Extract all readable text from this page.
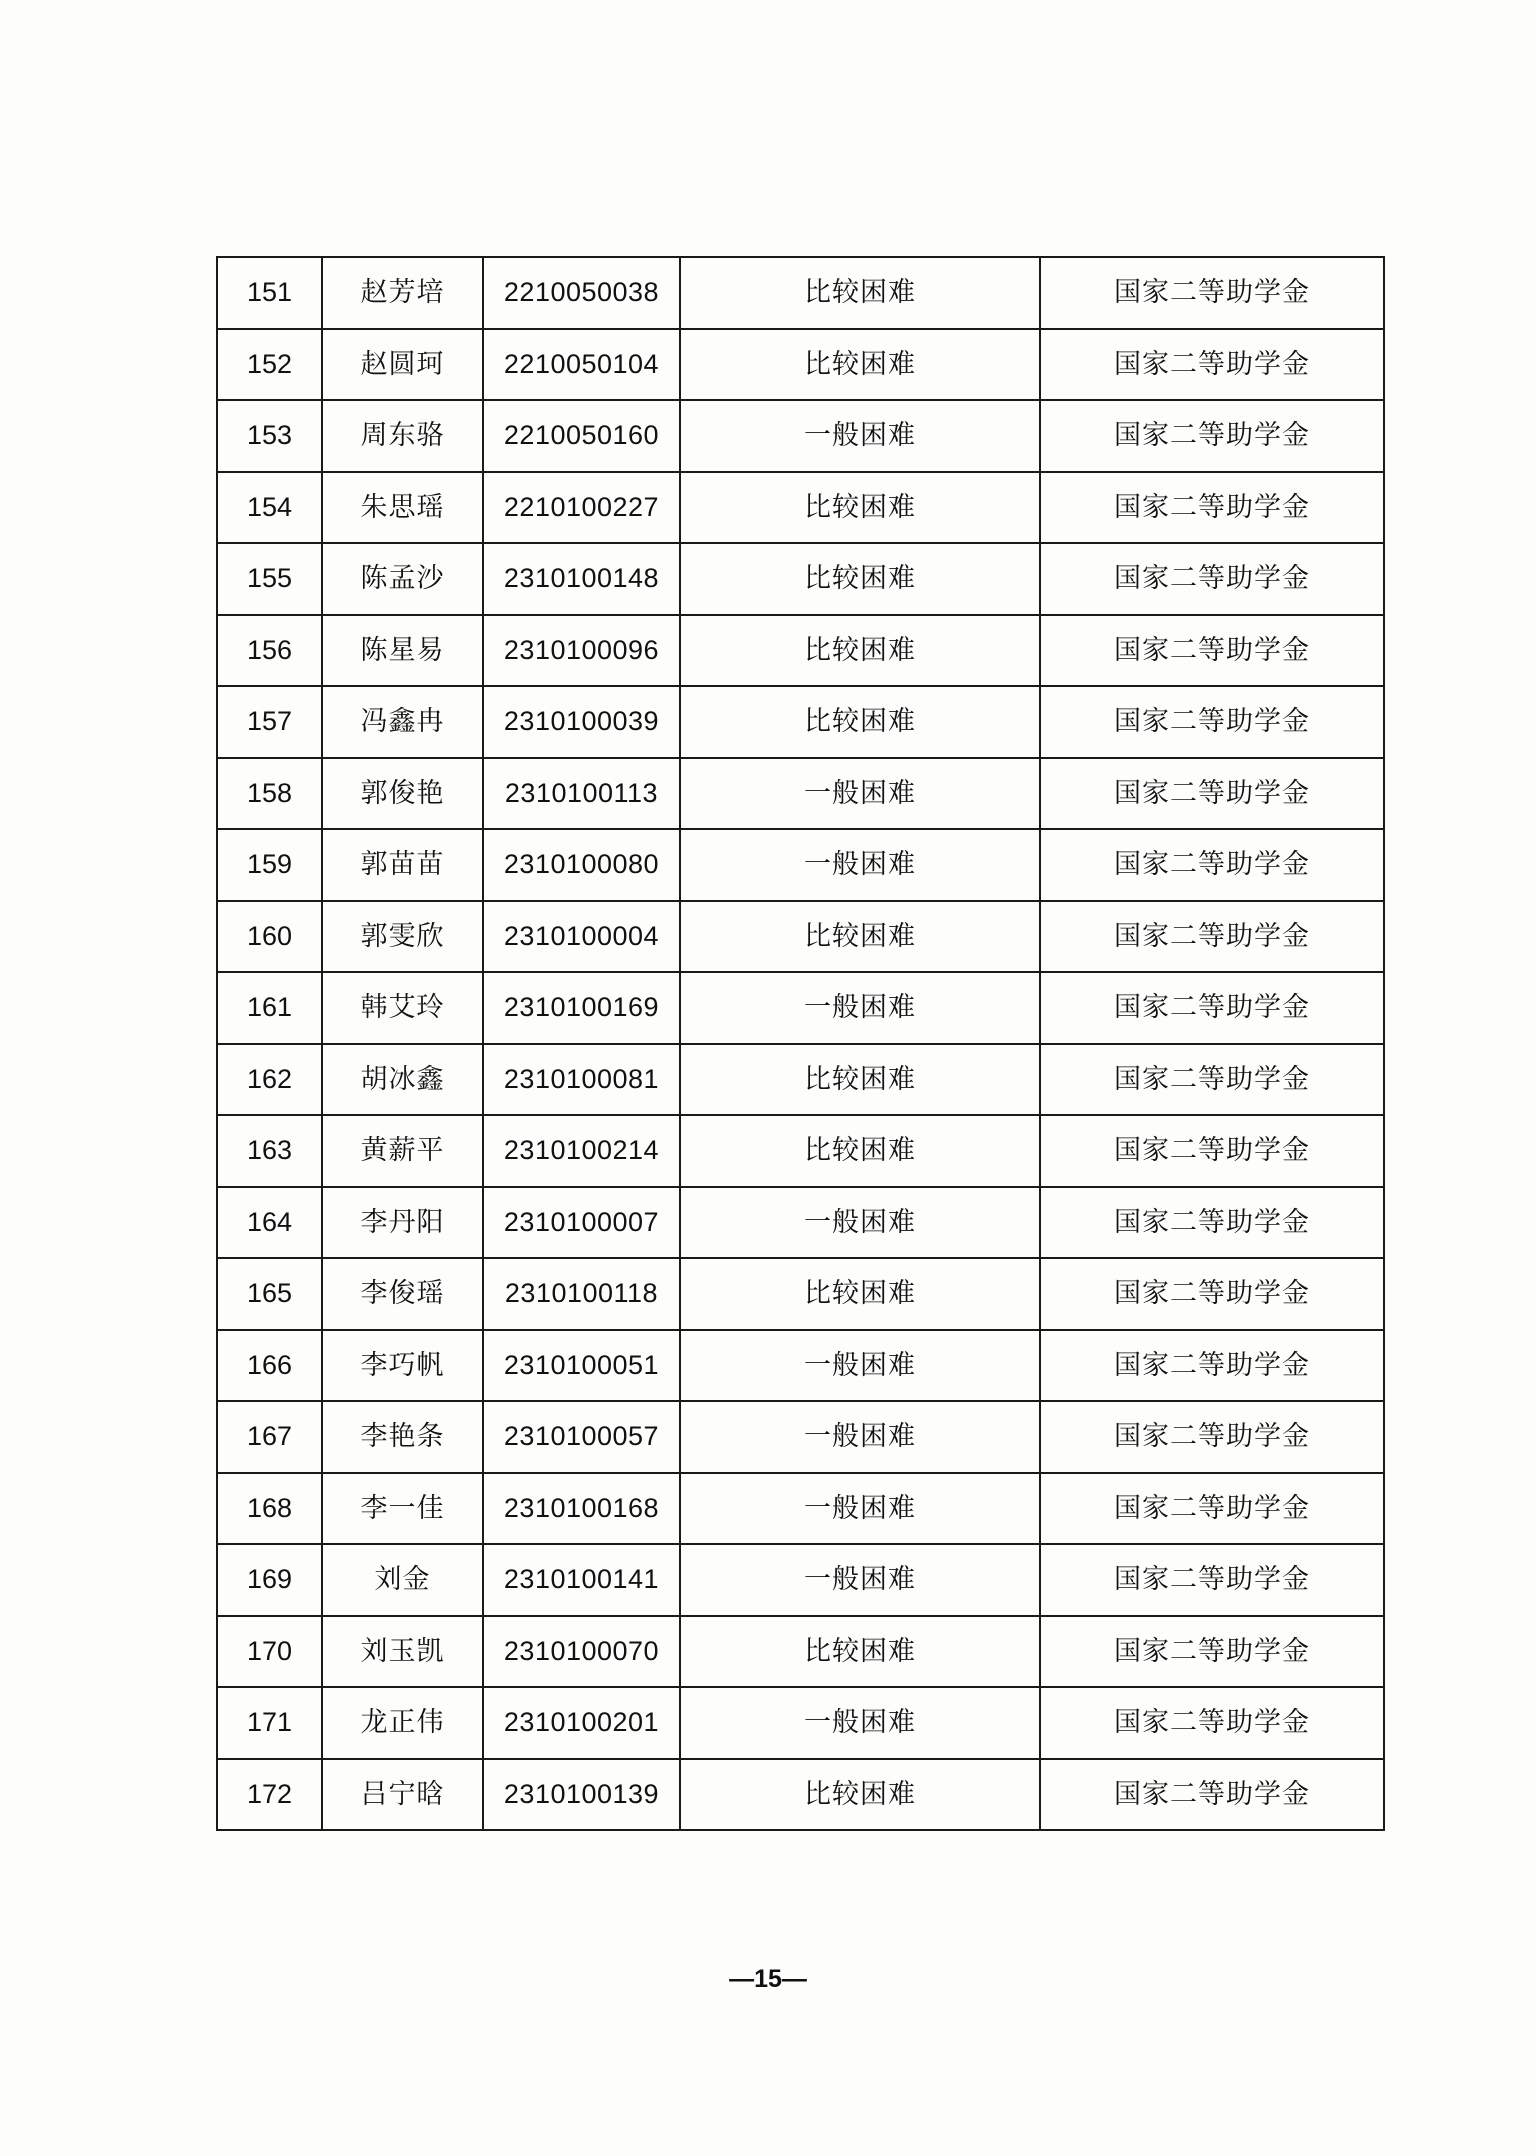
151	赵芳培	2210050038	比较困难	国家二等助学金
152	赵圆珂	2210050104	比较困难	国家二等助学金
153	周东骆	2210050160	一般困难	国家二等助学金
154	朱思瑶	2210100227	比较困难	国家二等助学金
155	陈孟沙	2310100148	比较困难	国家二等助学金
156	陈星易	2310100096	比较困难	国家二等助学金
157	冯鑫冉	2310100039	比较困难	国家二等助学金
158	郭俊艳	2310100113	一般困难	国家二等助学金
159	郭苗苗	2310100080	一般困难	国家二等助学金
160	郭雯欣	2310100004	比较困难	国家二等助学金
161	韩艾玲	2310100169	一般困难	国家二等助学金
162	胡冰鑫	2310100081	比较困难	国家二等助学金
163	黄薪平	2310100214	比较困难	国家二等助学金
164	李丹阳	2310100007	一般困难	国家二等助学金
165	李俊瑶	2310100118	比较困难	国家二等助学金
166	李巧帆	2310100051	一般困难	国家二等助学金
167	李艳条	2310100057	一般困难	国家二等助学金
168	李一佳	2310100168	一般困难	国家二等助学金
169	刘金	2310100141	一般困难	国家二等助学金
170	刘玉凯	2310100070	比较困难	国家二等助学金
171	龙正伟	2310100201	一般困难	国家二等助学金
172	吕宁晗	2310100139	比较困难	国家二等助学金
—15—
